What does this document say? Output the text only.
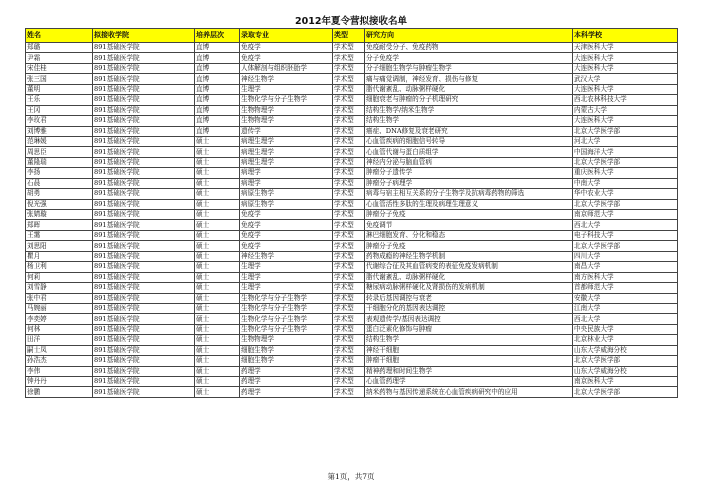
2012年夏令营拟接收名单
姓名	拟接收学院	培养层次	录取专业	类型	研究方向	本科学校
郑璐	891基础医学院	直博	免疫学	学术型	免疫耐受分子、免疫药物	天津医科大学
尹霜	891基础医学院	直博	免疫学	学术型	分子免疫学	大连医科大学
宋佳桂	891基础医学院	直博	人体解剖与组织胚胎学	学术型	分子细胞生物学与肿瘤生物学	大连医科大学
张三国	891基础医学院	直博	神经生物学	学术型	痛与痛觉调制，神经发育、损伤与修复	武汉大学
董明	891基础医学院	直博	生理学	学术型	脂代谢紊乱、动脉粥样硬化	大连医科大学
王乐	891基础医学院	直博	生物化学与分子生物学	学术型	细胞衰老与肿瘤的分子机理研究	西北农林科技大学
王冈	891基础医学院	直博	生物物理学	学术型	结构生物学/纳米生物学	内蒙古大学
李玫君	891基础医学院	直博	生物物理学	学术型	结构生物学	大连医科大学
刘博雅	891基础医学院	直博	遗传学	学术型	癌症、DNA修复及衰老研究	北京大学医学部
范琳媛	891基础医学院	硕士	病理生理学	学术型	心血管疾病的细胞信号转导	河北大学
周思臣	891基础医学院	硕士	病理生理学	学术型	心血管代谢与蛋白质组学	中国海洋大学
董隆瑞	891基础医学院	硕士	病理生理学	学术型	神经内分泌与脑血管病	北京大学医学部
李扬	891基础医学院	硕士	病理学	学术型	肿瘤分子遗传学	重庆医科大学
石晨	891基础医学院	硕士	病理学	学术型	肿瘤分子病理学	中南大学
胡勇	891基础医学院	硕士	病原生物学	学术型	病毒与宿主相互关系的分子生物学及抗病毒药物的筛选	华中农业大学
倪光强	891基础医学院	硕士	病原生物学	学术型	心血管活性多肽的生理及病理生理意义	北京大学医学部
张婧璇	891基础医学院	硕士	免疫学	学术型	肿瘤分子免疫	南京师范大学
郑晖	891基础医学院	硕士	免疫学	学术型	免疫调节	西北大学
王霭	891基础医学院	硕士	免疫学	学术型	淋巴细胞发育、分化和稳态	电子科技大学
刘思阳	891基础医学院	硕士	免疫学	学术型	肿瘤分子免疫	北京大学医学部
瞿月	891基础医学院	硕士	神经生物学	学术型	药物成瘾的神经生物学机制	四川大学
杨卫利	891基础医学院	硕士	生理学	学术型	代谢综合征及其血管病变的表征免疫发病机制	南昌大学
何莉	891基础医学院	硕士	生理学	学术型	脂代谢紊乱、动脉粥样硬化	南方医科大学
刘雪静	891基础医学院	硕士	生理学	学术型	糖尿病动脉粥样硬化及肾损伤的发病机制	首都师范大学
张中君	891基础医学院	硕士	生物化学与分子生物学	学术型	转录后基因调控与衰老	安徽大学
马婉丽	891基础医学院	硕士	生物化学与分子生物学	学术型	干细胞分化的基因表达调控	江南大学
李奕婷	891基础医学院	硕士	生物化学与分子生物学	学术型	表观遗传学/基因表达调控	西北大学
何林	891基础医学院	硕士	生物化学与分子生物学	学术型	蛋白泛素化修饰与肿瘤	中央民族大学
田洋	891基础医学院	硕士	生物物理学	学术型	结构生物学	北京林业大学
嗣士凤	891基础医学院	硕士	细胞生物学	学术型	神经干细胞	山东大学威海分校
孙浩杰	891基础医学院	硕士	细胞生物学	学术型	肿瘤干细胞	北京大学医学部
李伟	891基础医学院	硕士	药理学	学术型	精神药理和时间生物学	山东大学威海分校
钟丹丹	891基础医学院	硕士	药理学	学术型	心血管药理学	南京医科大学
徐鹏	891基础医学院	硕士	药理学	学术型	纳米药物与基因传递系统在心血管疾病研究中的应用	北京大学医学部
第1页，共7页
